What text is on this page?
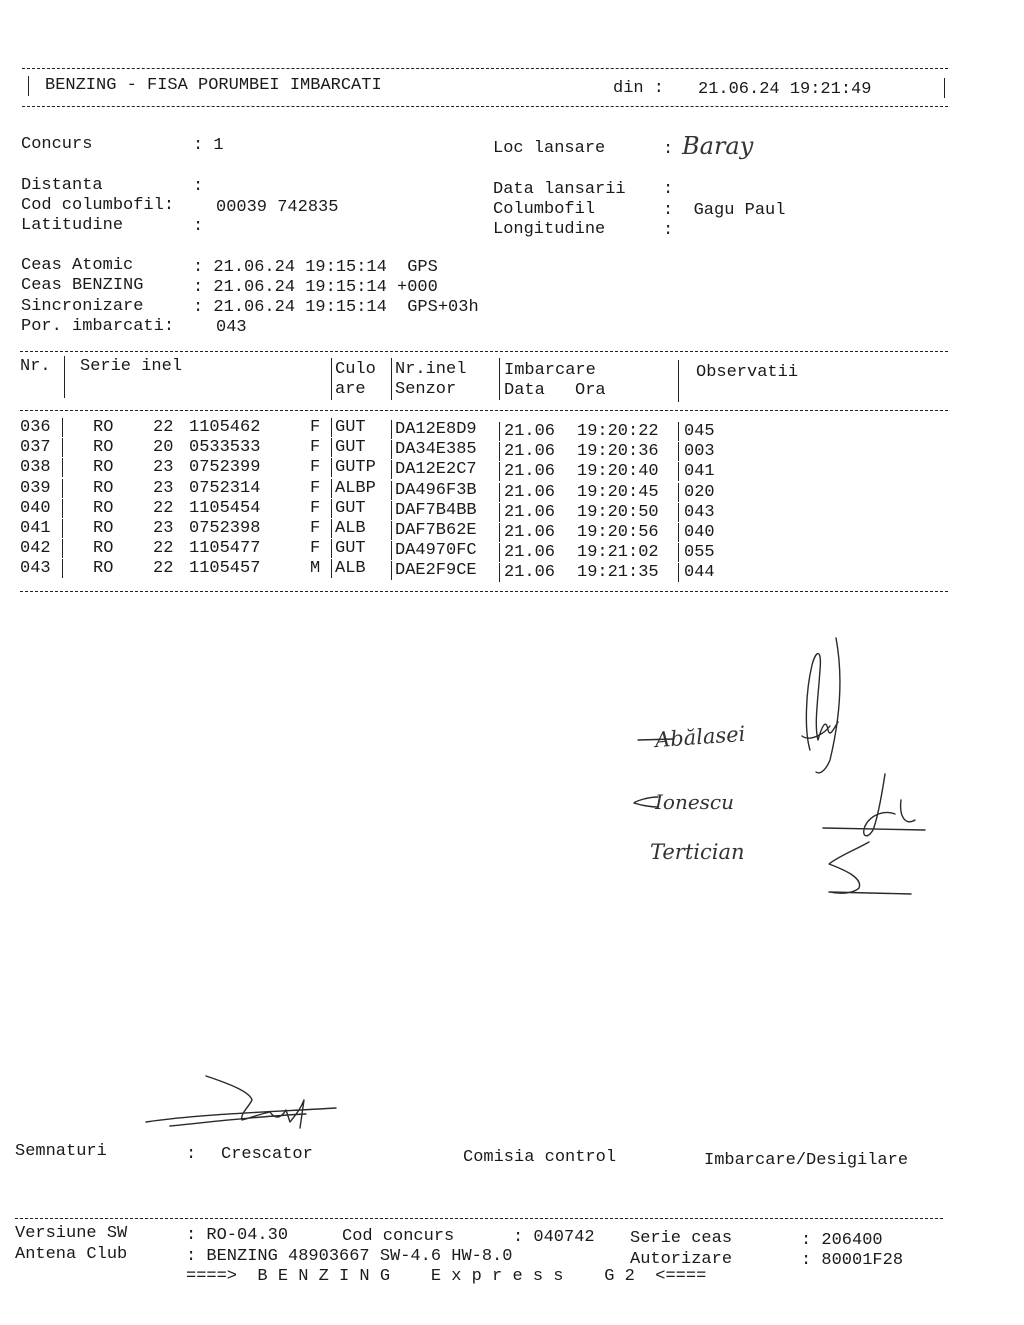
BENZING - FISA PORUMBEI IMBARCATI	din : 21.06.24 19:21:49
Concurs	: 1	Loc lansare	: Baray
Distanta	:	Data lansarii :
Cod columbofil: 00039 742835	Columbofil	:  Gagu Paul
Latitudine	:	Longitudine	:
Ceas Atomic	: 21.06.24 19:15:14  GPS
Ceas BENZING	: 21.06.24 19:15:14 +000
Sincronizare	: 21.06.24 19:15:14  GPS+03h
Por. imbarcati: 043
Nr. Serie inel	Culo
are
Nr.inel
Senzor
Imbarcare
Data Ora
Observatii
036 RO 22 1105462	F GUT DA12E8D9 21.06 19:20:22 045
037 RO 20 0533533	F GUT DA34E385 21.06 19:20:36 003
038 RO 23 0752399	F GUTP DA12E2C7 21.06 19:20:40 041
039 RO 23 0752314	F ALBP DA496F3B 21.06 19:20:45 020
040 RO 22 1105454	F GUT DAF7B4BB 21.06 19:20:50 043
041 RO 23 0752398	F ALB DAF7B62E 21.06 19:20:56 040
042 RO 22 1105477	F GUT DA4970FC 21.06 19:21:02 055
043 RO 22 1105457	M ALB DAE2F9CE 21.06 19:21:35 044
Abălasei
Ionescu
Tertician
Semnaturi	: Crescator	Comisia control	Imbarcare/Desigilare
Versiune SW	: RO-04.30	Cod concurs	: 040742 Serie ceas	: 206400
Antena Club	: BENZING 48903667 SW-4.6 HW-8.0	Autorizare	: 80001F28
====>  B E N Z I N G    E x p r e s s    G 2  <====
